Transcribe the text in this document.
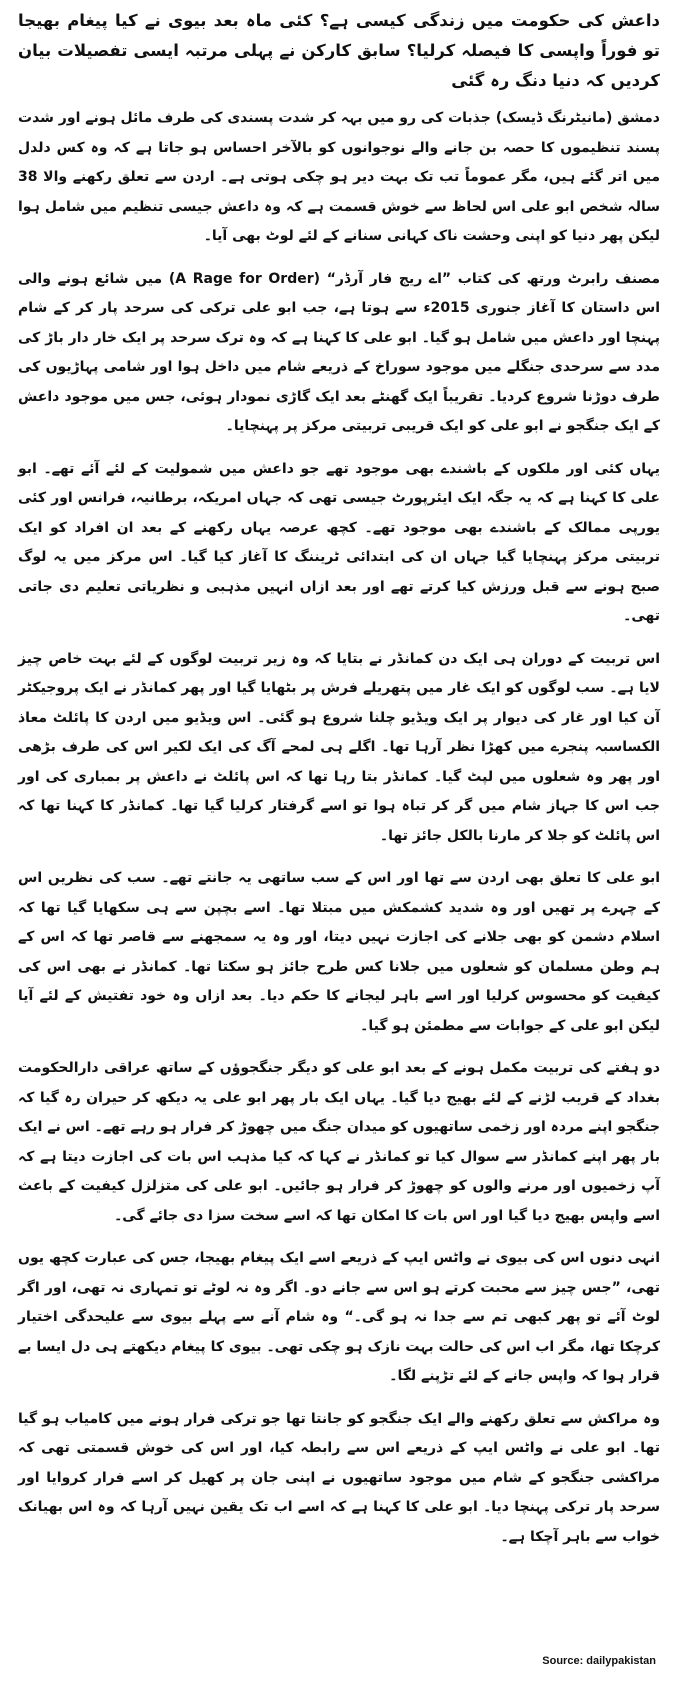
داعش کی حکومت میں زندگی کیسی ہے؟ کئی ماہ بعد بیوی نے کیا پیغام بھیجا تو فوراً واپسی کا فیصلہ کرلیا؟ سابق کارکن نے پہلی مرتبہ ایسی تفصیلات بیان کردیں کہ دنیا دنگ رہ گئی

دمشق (مانیٹرنگ ڈیسک) جذبات کی رو میں بہہ کر شدت پسندی کی طرف مائل ہونے اور شدت پسند تنظیموں کا حصہ بن جانے والے نوجوانوں کو بالآخر احساس ہو جاتا ہے کہ وہ کس دلدل میں اتر گئے ہیں، مگر عموماً تب تک بہت دیر ہو چکی ہوتی ہے۔ اردن سے تعلق رکھنے والا 38 سالہ شخص ابو علی اس لحاظ سے خوش قسمت ہے کہ وہ داعش جیسی تنظیم میں شامل ہوا لیکن پھر دنیا کو اپنی وحشت ناک کہانی سنانے کے لئے لوٹ بھی آیا۔

مصنف رابرٹ ورتھ کی کتاب ”اے ریج فار آرڈر“ (A Rage for Order) میں شائع ہونے والی اس داستان کا آغاز جنوری 2015ء سے ہوتا ہے، جب ابو علی ترکی کی سرحد پار کر کے شام پہنچا اور داعش میں شامل ہو گیا۔ ابو علی کا کہنا ہے کہ وہ ترک سرحد پر ایک خار دار باڑ کی مدد سے سرحدی جنگلے میں موجود سوراخ کے ذریعے شام میں داخل ہوا اور شامی پہاڑیوں کی طرف دوڑنا شروع کردیا۔ تقریباً ایک گھنٹے بعد ایک گاڑی نمودار ہوئی، جس میں موجود داعش کے ایک جنگجو نے ابو علی کو ایک قریبی تربیتی مرکز پر پہنچایا۔

یہاں کئی اور ملکوں کے باشندے بھی موجود تھے جو داعش میں شمولیت کے لئے آئے تھے۔ ابو علی کا کہنا ہے کہ یہ جگہ ایک ایئرپورٹ جیسی تھی کہ جہاں امریکہ، برطانیہ، فرانس اور کئی یورپی ممالک کے باشندے بھی موجود تھے۔ کچھ عرصہ یہاں رکھنے کے بعد ان افراد کو ایک تربیتی مرکز پہنچایا گیا جہاں ان کی ابتدائی ٹریننگ کا آغاز کیا گیا۔ اس مرکز میں یہ لوگ صبح ہونے سے قبل ورزش کیا کرتے تھے اور بعد ازاں انہیں مذہبی و نظریاتی تعلیم دی جاتی تھی۔

اس تربیت کے دوران ہی ایک دن کمانڈر نے بتایا کہ وہ زیر تربیت لوگوں کے لئے بہت خاص چیز لایا ہے۔ سب لوگوں کو ایک غار میں پتھریلے فرش پر بٹھایا گیا اور پھر کمانڈر نے ایک پروجیکٹر آن کیا اور غار کی دیوار پر ایک ویڈیو چلنا شروع ہو گئی۔ اس ویڈیو میں اردن کا پائلٹ معاذ الکساسبہ پنجرے میں کھڑا نظر آرہا تھا۔ اگلے ہی لمحے آگ کی ایک لکیر اس کی طرف بڑھی اور پھر وہ شعلوں میں لپٹ گیا۔ کمانڈر بتا رہا تھا کہ اس پائلٹ نے داعش پر بمباری کی اور جب اس کا جہاز شام میں گر کر تباہ ہوا تو اسے گرفتار کرلیا گیا تھا۔ کمانڈر کا کہنا تھا کہ اس پائلٹ کو جلا کر مارنا بالکل جائز تھا۔

ابو علی کا تعلق بھی اردن سے تھا اور اس کے سب ساتھی یہ جانتے تھے۔ سب کی نظریں اس کے چہرے پر تھیں اور وہ شدید کشمکش میں مبتلا تھا۔ اسے بچپن سے ہی سکھایا گیا تھا کہ اسلام دشمن کو بھی جلانے کی اجازت نہیں دیتا، اور وہ یہ سمجھنے سے قاصر تھا کہ اس کے ہم وطن مسلمان کو شعلوں میں جلانا کس طرح جائز ہو سکتا تھا۔ کمانڈر نے بھی اس کی کیفیت کو محسوس کرلیا اور اسے باہر لیجانے کا حکم دیا۔ بعد ازاں وہ خود تفتیش کے لئے آیا لیکن ابو علی کے جوابات سے مطمئن ہو گیا۔

دو ہفتے کی تربیت مکمل ہونے کے بعد ابو علی کو دیگر جنگجوؤں کے ساتھ عراقی دارالحکومت بغداد کے قریب لڑنے کے لئے بھیج دیا گیا۔ یہاں ایک بار پھر ابو علی یہ دیکھ کر حیران رہ گیا کہ جنگجو اپنے مردہ اور زخمی ساتھیوں کو میدان جنگ میں چھوڑ کر فرار ہو رہے تھے۔ اس نے ایک بار پھر اپنے کمانڈر سے سوال کیا تو کمانڈر نے کہا کہ کیا مذہب اس بات کی اجازت دیتا ہے کہ آپ زخمیوں اور مرنے والوں کو چھوڑ کر فرار ہو جائیں۔ ابو علی کی متزلزل کیفیت کے باعث اسے واپس بھیج دیا گیا اور اس بات کا امکان تھا کہ اسے سخت سزا دی جائے گی۔

انہی دنوں اس کی بیوی نے واٹس ایپ کے ذریعے اسے ایک پیغام بھیجا، جس کی عبارت کچھ یوں تھی، ”جس چیز سے محبت کرتے ہو اس سے جانے دو۔ اگر وہ نہ لوٹے تو تمہاری نہ تھی، اور اگر لوٹ آئے تو پھر کبھی تم سے جدا نہ ہو گی۔“ وہ شام آنے سے پہلے بیوی سے علیحدگی اختیار کرچکا تھا، مگر اب اس کی حالت بہت نازک ہو چکی تھی۔ بیوی کا پیغام دیکھتے ہی دل ایسا بے قرار ہوا کہ واپس جانے کے لئے تڑپنے لگا۔

وہ مراکش سے تعلق رکھنے والے ایک جنگجو کو جانتا تھا جو ترکی فرار ہونے میں کامیاب ہو گیا تھا۔ ابو علی نے واٹس ایپ کے ذریعے اس سے رابطہ کیا، اور اس کی خوش قسمتی تھی کہ مراکشی جنگجو کے شام میں موجود ساتھیوں نے اپنی جان پر کھیل کر اسے فرار کروایا اور سرحد پار ترکی پہنچا دیا۔ ابو علی کا کہنا ہے کہ اسے اب تک یقین نہیں آرہا کہ وہ اس بھیانک خواب سے باہر آچکا ہے۔

Source: dailypakistan
